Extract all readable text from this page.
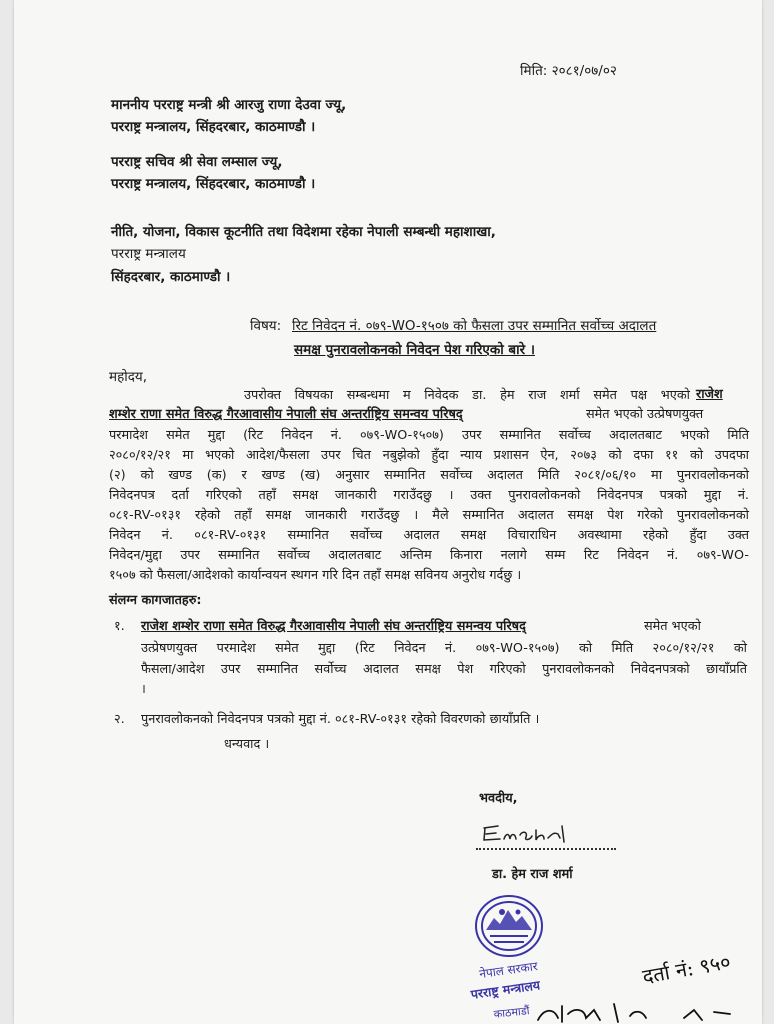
मिति: २०८१/०७/०२
माननीय परराष्ट्र मन्त्री श्री आरजु राणा देउवा ज्यू,
परराष्ट्र मन्त्रालय, सिंहदरबार, काठमाण्डौ ।
परराष्ट्र सचिव श्री सेवा लम्साल ज्यू,
परराष्ट्र मन्त्रालय, सिंहदरबार, काठमाण्डौ ।
नीति, योजना, विकास कूटनीति तथा विदेशमा रहेका नेपाली सम्बन्धी महाशाखा,
परराष्ट्र मन्त्रालय
सिंहदरबार, काठमाण्डौ ।
विषय: रिट निवेदन नं. ०७९-WO-१५०७ को फैसला उपर सम्मानित सर्वोच्च अदालत
समक्ष पुनरावलोकनको निवेदन पेश गरिएको बारे ।
महोदय,
उपरोक्त विषयका सम्बन्धमा म निवेदक डा. हेम राज शर्मा समेत पक्ष भएको राजेश
शम्शेर राणा समेत विरुद्ध गैरआवासीय नेपाली संघ अन्तर्राष्ट्रिय समन्वय परिषद्	समेत भएको उत्प्रेषणयुक्त
परमादेश समेत मुद्दा (रिट निवेदन नं. ०७९-WO-१५०७) उपर सम्मानित सर्वोच्च अदालतबाट भएको मिति
२०८०/१२/२१ मा भएको आदेश/फैसला उपर चित नबुझेको हुँदा न्याय प्रशासन ऐन, २०७३ को दफा ११ को उपदफा
(२) को खण्ड (क) र खण्ड (ख) अनुसार सम्मानित सर्वोच्च अदालत मिति २०८१/०६/१० मा पुनरावलोकनको
निवेदनपत्र दर्ता गरिएको तहाँ समक्ष जानकारी गराउँदछु । उक्त पुनरावलोकनको निवेदनपत्र पत्रको मुद्दा नं.
०८१-RV-०१३१ रहेको तहाँ समक्ष जानकारी गराउँदछु । मैले सम्मानित अदालत समक्ष पेश गरेको पुनरावलोकनको
निवेदन नं. ०८१-RV-०१३१ सम्मानित सर्वोच्च अदालत समक्ष विचाराधिन अवस्थामा रहेको हुँदा उक्त
निवेदन/मुद्दा उपर सम्मानित सर्वोच्च अदालतबाट अन्तिम किनारा नलागे सम्म रिट निवेदन नं. ०७९-WO-
१५०७ को फैसला/आदेशको कार्यान्वयन स्थगन गरि दिन तहाँ समक्ष सविनय अनुरोध गर्दछु ।
संलग्न कागजातहरु:
१. राजेश शम्शेर राणा समेत विरुद्ध गैरआवासीय नेपाली संघ अन्तर्राष्ट्रिय समन्वय परिषद्	समेत भएको
उत्प्रेषणयुक्त परमादेश समेत मुद्दा (रिट निवेदन नं. ०७९-WO-१५०७) को मिति २०८०/१२/२१ को
फैसला/आदेश उपर सम्मानित सर्वोच्च अदालत समक्ष पेश गरिएको पुनरावलोकनको निवेदनपत्रको छायाँप्रति
।
२. पुनरावलोकनको निवेदनपत्र पत्रको मुद्दा नं. ०८१-RV-०१३१ रहेको विवरणको छायाँप्रति ।
धन्यवाद ।
भवदीय,
डा. हेम राज शर्मा
नेपाल सरकार
परराष्ट्र मन्त्रालय
काठमाडौं
दर्ता नं: ९५०
